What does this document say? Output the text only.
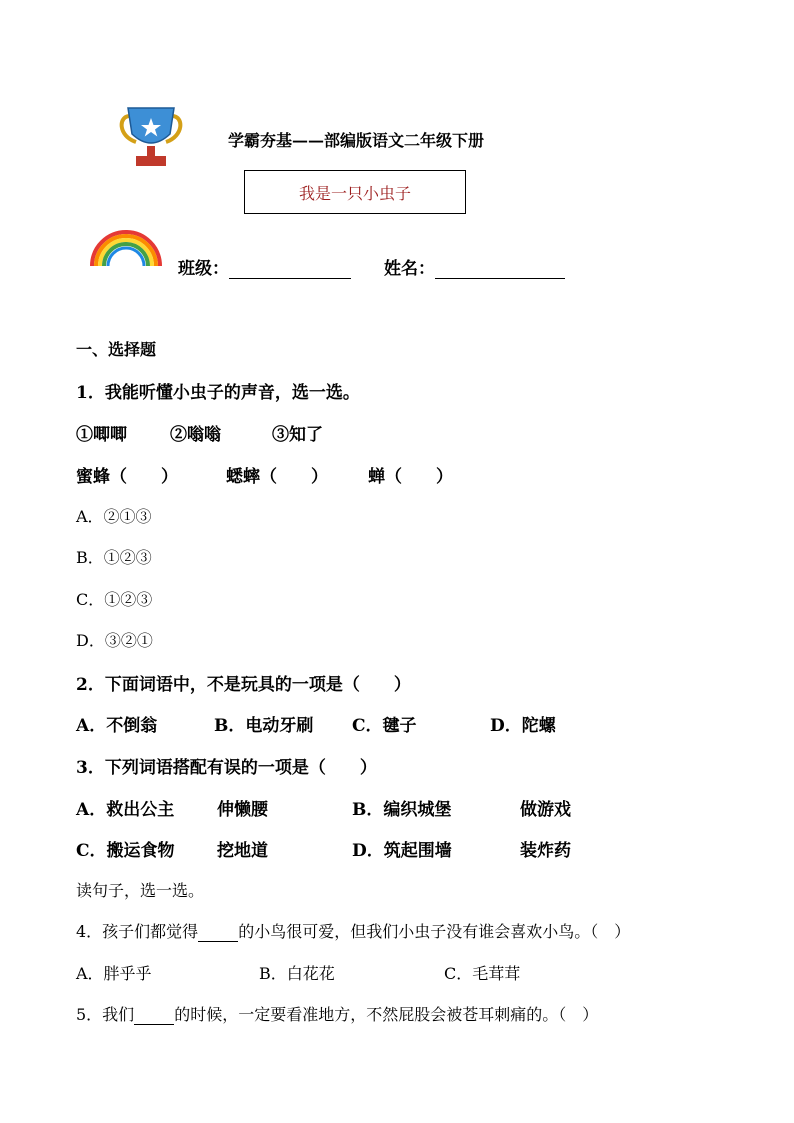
学霸夯基——部编版语文二年级下册
我是一只小虫子
班级：	姓名：
一、选择题
1．我能听懂小虫子的声音，选一选。
①唧唧	②嗡嗡	③知了
蜜蜂（　　）	蟋蟀（　　） 蝉（　　）
A．②①③
B．①②③
C．①②③
D．③②①
2．下面词语中，不是玩具的一项是（　　）
A．不倒翁	B．电动牙刷 C．毽子	D．陀螺
3．下列词语搭配有误的一项是（　　）
A．救出公主	伸懒腰	B．编织城堡	做游戏
C．搬运食物 挖地道	D．筑起围墙	装炸药
读句子，选一选。
4．孩子们都觉得	的小鸟很可爱，但我们小虫子没有谁会喜欢小鸟。（　）
A．胖乎乎	B．白花花	C．毛茸茸
5．我们	的时候，一定要看准地方，不然屁股会被苍耳刺痛的。（　）
